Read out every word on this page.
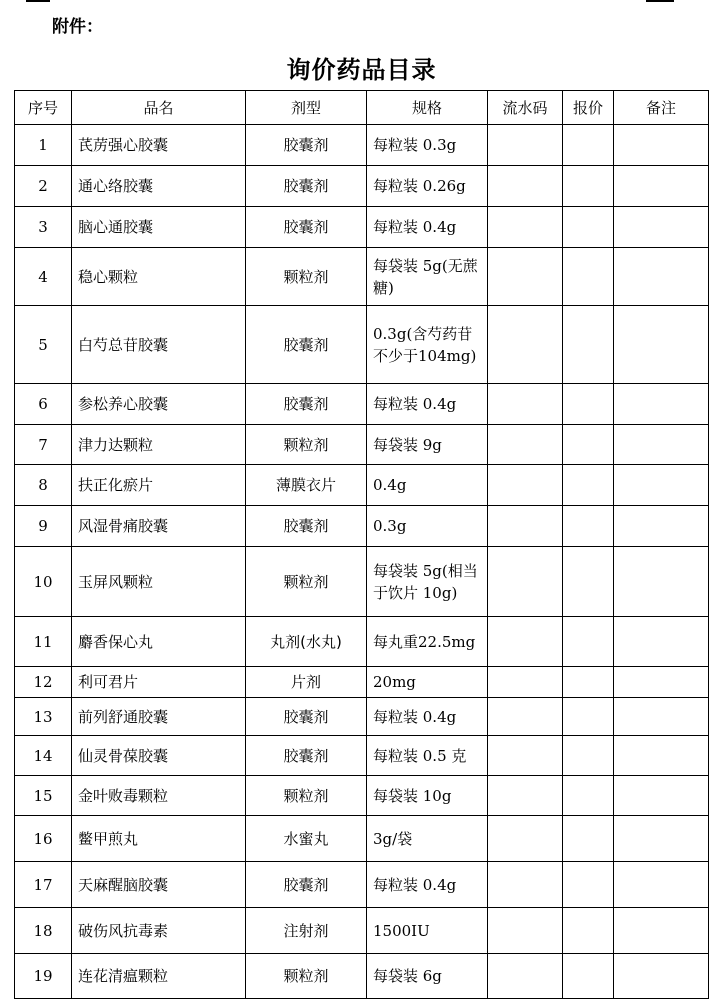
附件：
询价药品目录
序号	品名	剂型	规格	流水码	报价	备注
1	芪苈强心胶囊	胶囊剂	每粒装 0.3g			
2	通心络胶囊	胶囊剂	每粒装 0.26g			
3	脑心通胶囊	胶囊剂	每粒装 0.4g			
4	稳心颗粒	颗粒剂	每袋装 5g(无蔗糖)			
5	白芍总苷胶囊	胶囊剂	0.3g(含芍药苷不少于104mg)			
6	参松养心胶囊	胶囊剂	每粒装 0.4g			
7	津力达颗粒	颗粒剂	每袋装 9g			
8	扶正化瘀片	薄膜衣片	0.4g			
9	风湿骨痛胶囊	胶囊剂	0.3g			
10	玉屏风颗粒	颗粒剂	每袋装 5g(相当于饮片 10g)			
11	麝香保心丸	丸剂(水丸)	每丸重22.5mg			
12	利可君片	片剂	20mg			
13	前列舒通胶囊	胶囊剂	每粒装 0.4g			
14	仙灵骨葆胶囊	胶囊剂	每粒装 0.5 克			
15	金叶败毒颗粒	颗粒剂	每袋装 10g			
16	鳖甲煎丸	水蜜丸	3g/袋			
17	天麻醒脑胶囊	胶囊剂	每粒装 0.4g			
18	破伤风抗毒素	注射剂	1500IU			
19	连花清瘟颗粒	颗粒剂	每袋装 6g			
